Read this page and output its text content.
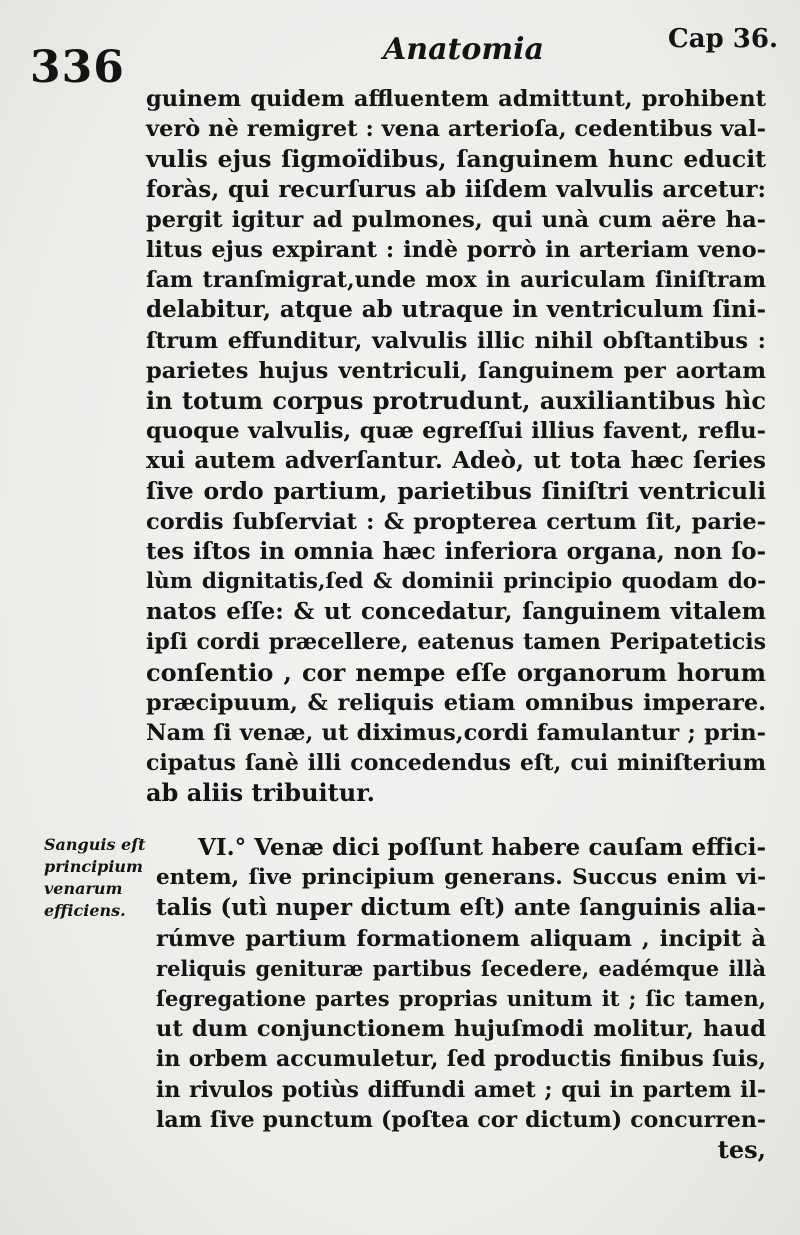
336	Anatomia	Cap 36.
guinem quidem affluentem admittunt, prohibent
verò nè remigret : vena arterioſa, cedentibus val-
vulis ejus ſigmoïdibus, ſanguinem hunc educit
foràs, qui recurſurus ab iiſdem valvulis arcetur:
pergit igitur ad pulmones, qui unà cum aëre ha-
litus ejus expirant : indè porrò in arteriam veno-
ſam tranſmigrat,unde mox in auriculam ſiniſtram
delabitur, atque ab utraque in ventriculum ſini-
ſtrum effunditur, valvulis illic nihil obſtantibus :
parietes hujus ventriculi, ſanguinem per aortam
in totum corpus protrudunt, auxiliantibus hìc
quoque valvulis, quæ egreſſui illius favent, reflu-
xui autem adverſantur. Adeò, ut tota hæc ſeries
ſive ordo partium, parietibus ſiniſtri ventriculi
cordis ſubſerviat : & propterea certum ſit, parie-
tes iſtos in omnia hæc inferiora organa, non ſo-
lùm dignitatis,ſed & dominii principio quodam do-
natos eſſe: & ut concedatur, ſanguinem vitalem
ipſi cordi præcellere, eatenus tamen Peripateticis
conſentio , cor nempe eſſe organorum horum
præcipuum, & reliquis etiam omnibus imperare.
Nam ſi venæ, ut diximus,cordi famulantur ; prin-
cipatus ſanè illi concedendus eſt, cui miniſterium
ab aliis tribuitur.
Sanguis eſt
principium
venarum
efficiens.
VI.° Venæ dici poſſunt habere cauſam effici-
entem, ſive principium generans. Succus enim vi-
talis (utì nuper dictum eſt) ante ſanguinis alia-
rúmve partium formationem aliquam , incipit à
reliquis genituræ partibus ſecedere, eadémque illà
ſegregatione partes proprias unitum it ; ſic tamen,
ut dum conjunctionem hujuſmodi molitur, haud
in orbem accumuletur, ſed productis finibus ſuis,
in rivulos potiùs diffundi amet ; qui in partem il-
lam ſive punctum (poſtea cor dictum) concurren-
tes,
